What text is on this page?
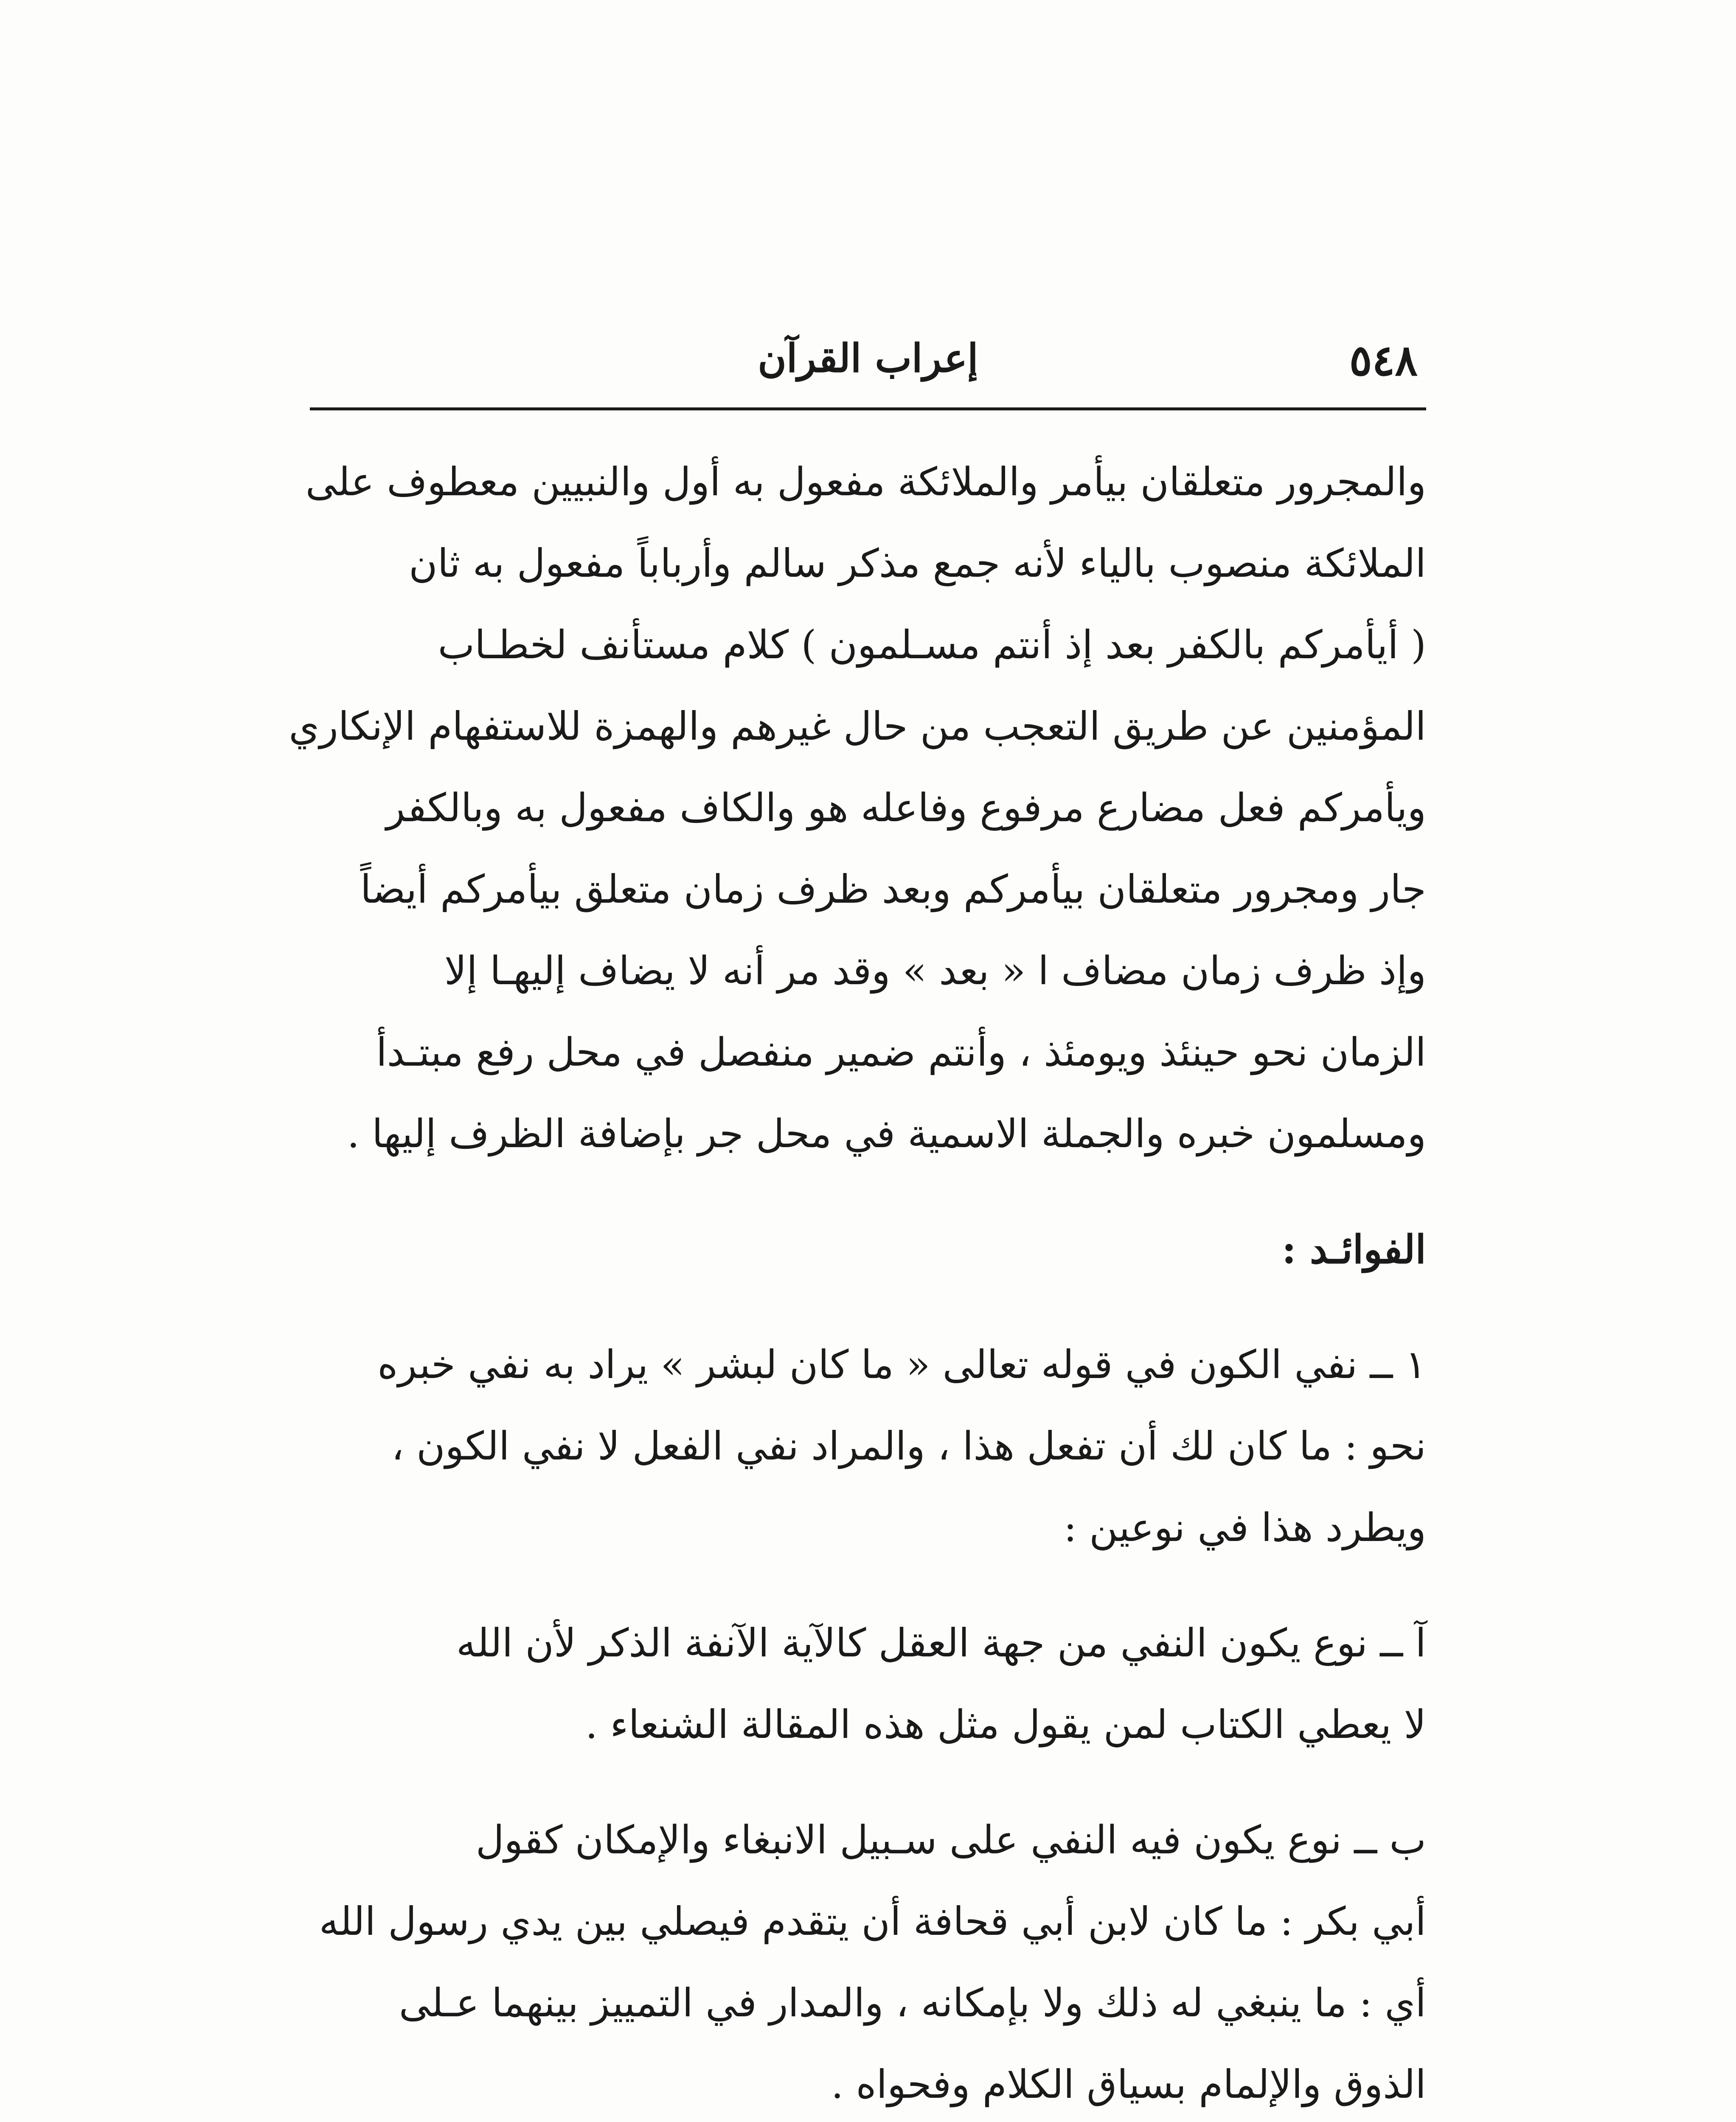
٥٤٨
إعراب القرآن
والمجرور متعلقان بيأمر والملائكة مفعول به أول والنبيين معطوف على
الملائكة منصوب بالياء لأنه جمع مذكر سالم وأرباباً مفعول به ثان
( أيأمركم بالكفر بعد إذ أنتم مسـلمون ) كلام مستأنف لخطـاب
المؤمنين عن طريق التعجب من حال غيرهم والهمزة للاستفهام الإنكاري
ويأمركم فعل مضارع مرفوع وفاعله هو والكاف مفعول به وبالكفر
جار ومجرور متعلقان بيأمركم وبعد ظرف زمان متعلق بيأمركم أيضاً
وإذ ظرف زمان مضاف ا « بعد » وقد مر أنه لا يضاف إليهـا إلا
الزمان نحو حينئذ ويومئذ ، وأنتم ضمير منفصل في محل رفع مبتـدأ
ومسلمون خبره والجملة الاسمية في محل جر بإضافة الظرف إليها .
الفوائـد :
١ ــ نفي الكون في قوله تعالى « ما كان لبشر » يراد به نفي خبره
نحو : ما كان لك أن تفعل هذا ، والمراد نفي الفعل لا نفي الكون ،
ويطرد هذا في نوعين :
آ ــ نوع يكون النفي من جهة العقل كالآية الآنفة الذكر لأن الله
لا يعطي الكتاب لمن يقول مثل هذه المقالة الشنعاء .
ب ــ نوع يكون فيه النفي على سـبيل الانبغاء والإمكان كقول
أبي بكر : ما كان لابن أبي قحافة أن يتقدم فيصلي بين يدي رسول الله
أي : ما ينبغي له ذلك ولا بإمكانه ، والمدار في التمييز بينهما عـلى
الذوق والإلمام بسياق الكلام وفحواه .
